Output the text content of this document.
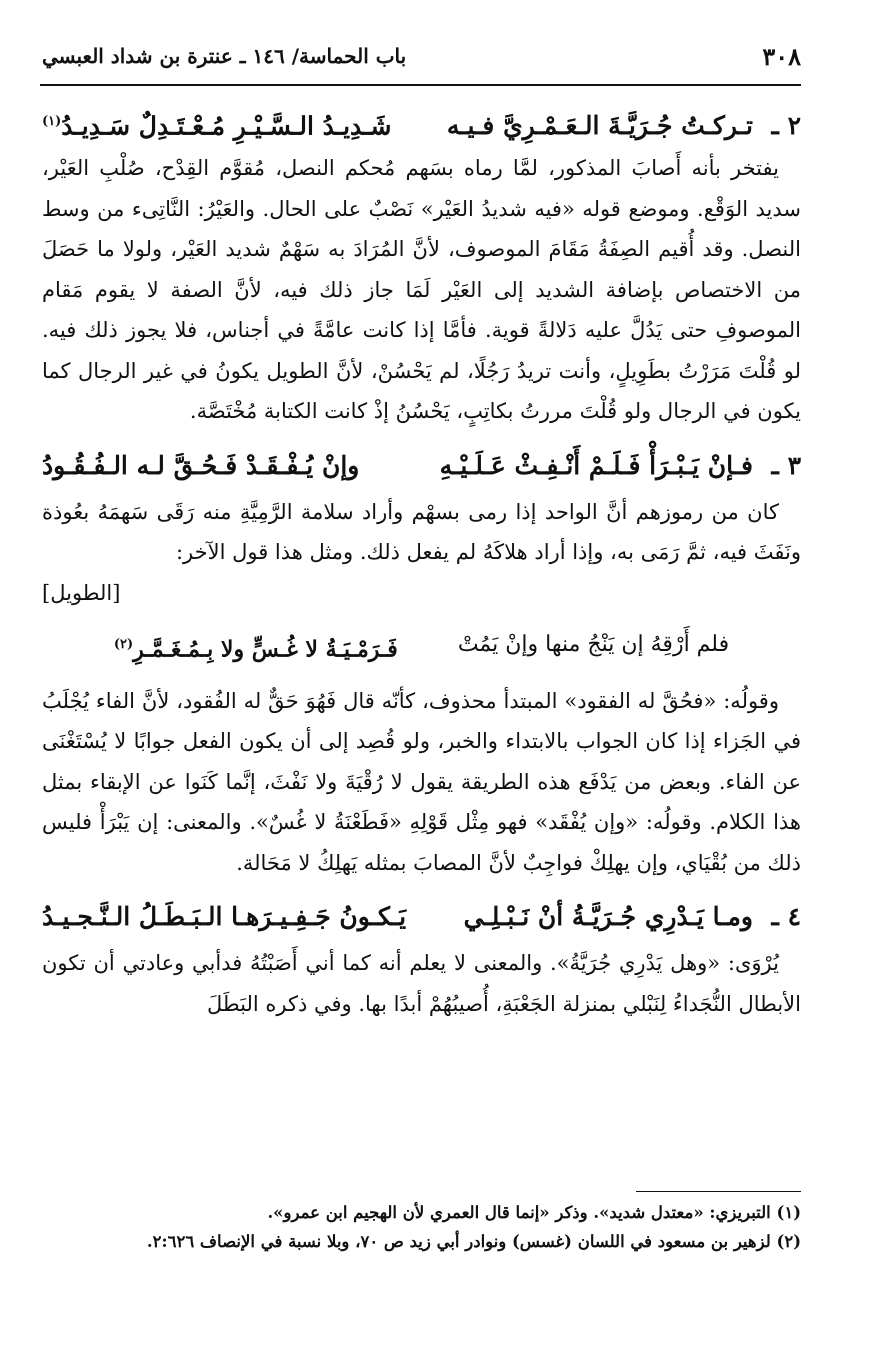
٣٠٨
باب الحماسة/ ١٤٦ ـ عنترة بن شداد العبسي
٢ ـ
تـركـتُ جُـرَيَّـةَ الـعَـمْـرِيَّ فـيـه
شَـدِيـدُ الـسَّـيْـرِ مُـعْـتَـدِلٌ سَـدِيـدُ$^{(١)}$

يفتخر بأنه أَصابَ المذكور، لمَّا رماه بسَهم مُحكم النصل، مُقوَّم القِدْح، صُلْبِ العَيْر، سديد الوَقْع. وموضع قوله «فيه شديدُ العَيْر» نَصْبٌ على الحال. والعَيْرُ: النَّاتِىء من وسط النصل. وقد أُقيم الصِفَةُ مَقَامَ الموصوف، لأنَّ المُرَادَ به سَهْمٌ شديد العَيْر، ولولا ما حَصَلَ من الاختصاص بإضافة الشديد إلى العَيْر لَمَا جاز ذلك فيه، لأنَّ الصفة لا يقوم مَقام الموصوفِ حتى يَدُلَّ عليه دَلالةً قوية. فأمَّا إذا كانت عامَّةً في أجناس، فلا يجوز ذلك فيه. لو قُلْتَ مَرَرْتُ بطَوِيلٍ، وأنت تريدُ رَجُلًا، لم يَحْسُنْ، لأنَّ الطويل يكونُ في غير الرجال كما يكون في الرجال ولو قُلْتَ مررتُ بكاتِبٍ، يَحْسُنُ إذْ كانت الكتابة مُخْتَصَّة.

٣ ـ
فـإنْ يَـبْـرَأْ فَـلَـمْ أَنْـفِـثْ عَـلَـيْـهِ
وإنْ يُـفْـقَـدْ فَـحُـقَّ لـه الـفُـقُـودُ

كان من رموزهم أنَّ الواحد إذا رمى بسهْم وأراد سلامة الرَّمِيَّةِ منه رَقَى سَهمَهُ بعُوذة ونَفَثَ فيه، ثمَّ رَمَى به، وإذا أراد هلاكَهُ لم يفعل ذلك. ومثل هذا قول الآخر:

[الطويل]
فلم أَرْقِهُ إن يَنْجُ منها وإنْ يَمُتْ
فَـرَمْـيَـةُ لا غُـسٍّ ولا بِـمُـغَـمَّـرِ$^{(٢)}$

وقولُه: «فحُقَّ له الفقود» المبتدأ محذوف، كأنّه قال فَهُوَ حَقٌّ له الفُقود، لأنَّ الفاء يُجْلَبُ في الجَزاء إذا كان الجواب بالابتداء والخبر، ولو قُصِد إلى أن يكون الفعل جوابًا لا يُسْتَغْنَى عن الفاء. وبعض من يَدْفَع هذه الطريقة يقول لا رُقْيَةَ ولا نَفْثَ، إنَّما كَنَوا عن الإبقاء بمثل هذا الكلام. وقولُه: «وإن يُفْقَد» فهو مِثْل قَوْلِهِ «فَطَعْنَةُ لا غُسٌ». والمعنى: إن يَبْرَأْ فليس ذلك من بُقْيَاي، وإن يهلِكْ فواجِبٌ لأنَّ المصابَ بمثله يَهلِكُ لا مَحَالة.

٤ ـ
ومـا يَـدْرِي جُـرَيَّـةُ أنْ نَـبْـلِـي
يَـكـونُ جَـفِـيـرَهـا الـبَـطَـلُ الـنَّـجـيـدُ

يُرْوَى: «وهل يَدْرِي جُرَيَّةُ». والمعنى لا يعلم أنه كما أني أَصَبْتُهُ فدأبي وعادتي أن تكون الأبطال النُّجَداءُ لِنَبْلي بمنزلة الجَعْبَةِ، أُصيبُهُمْ أبدًا بها. وفي ذكره البَطَلَ

(١) التبريزي: «معتدل شديد». وذكر «إنما قال العمري لأن الهجيم ابن عمرو».
(٢) لزهير بن مسعود في اللسان (غسس) ونوادر أبي زيد ص ٧٠، وبلا نسبة في الإنصاف ٢:٦٢٦.
